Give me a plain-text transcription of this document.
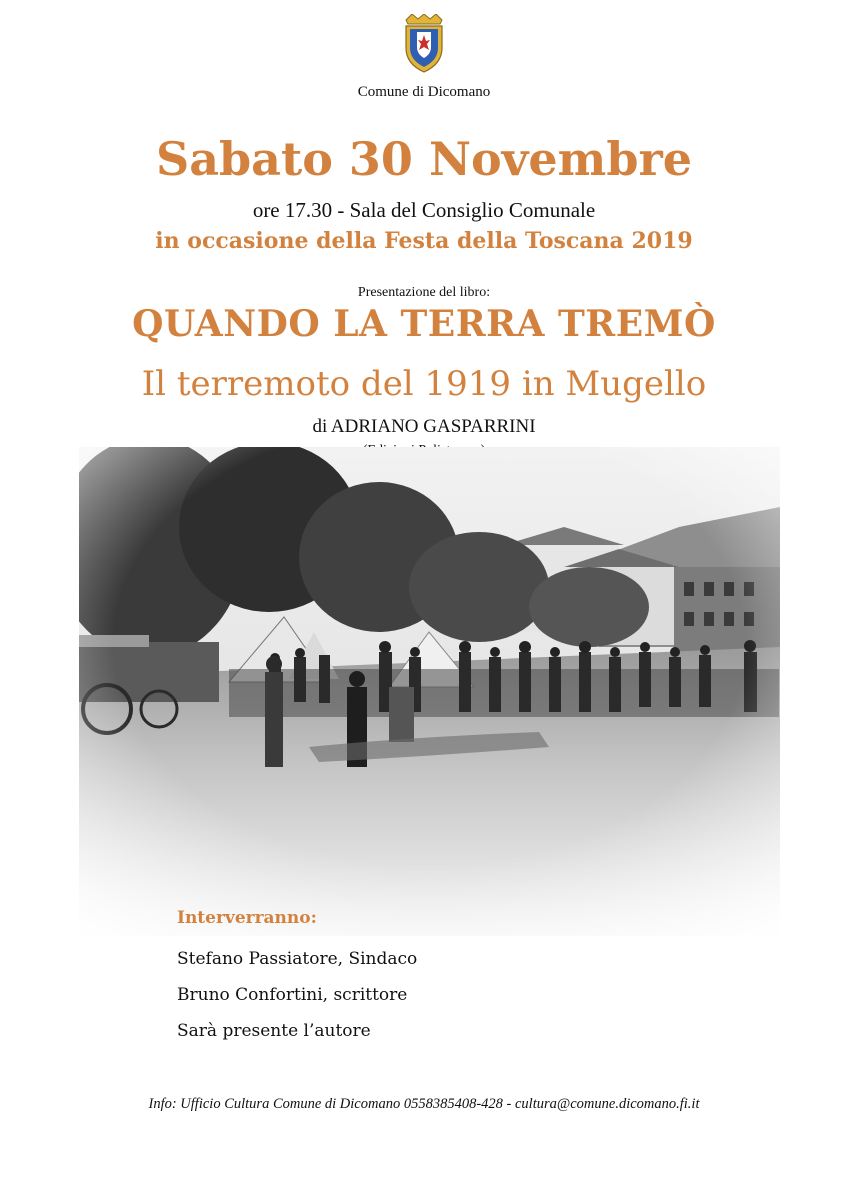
Comune di Dicomano
Sabato 30 Novembre
ore 17.30 - Sala del Consiglio Comunale
in occasione della Festa della Toscana 2019
Presentazione del libro:
QUANDO LA TERRA TREMÒ
Il terremoto del 1919 in Mugello
di ADRIANO GASPARRINI
Interverranno:
Stefano Passiatore, Sindaco
Bruno Confortini, scrittore
Sarà presente l’autore
Info: Ufficio Cultura Comune di Dicomano 0558385408-428 - cultura@comune.dicomano.fi.it
